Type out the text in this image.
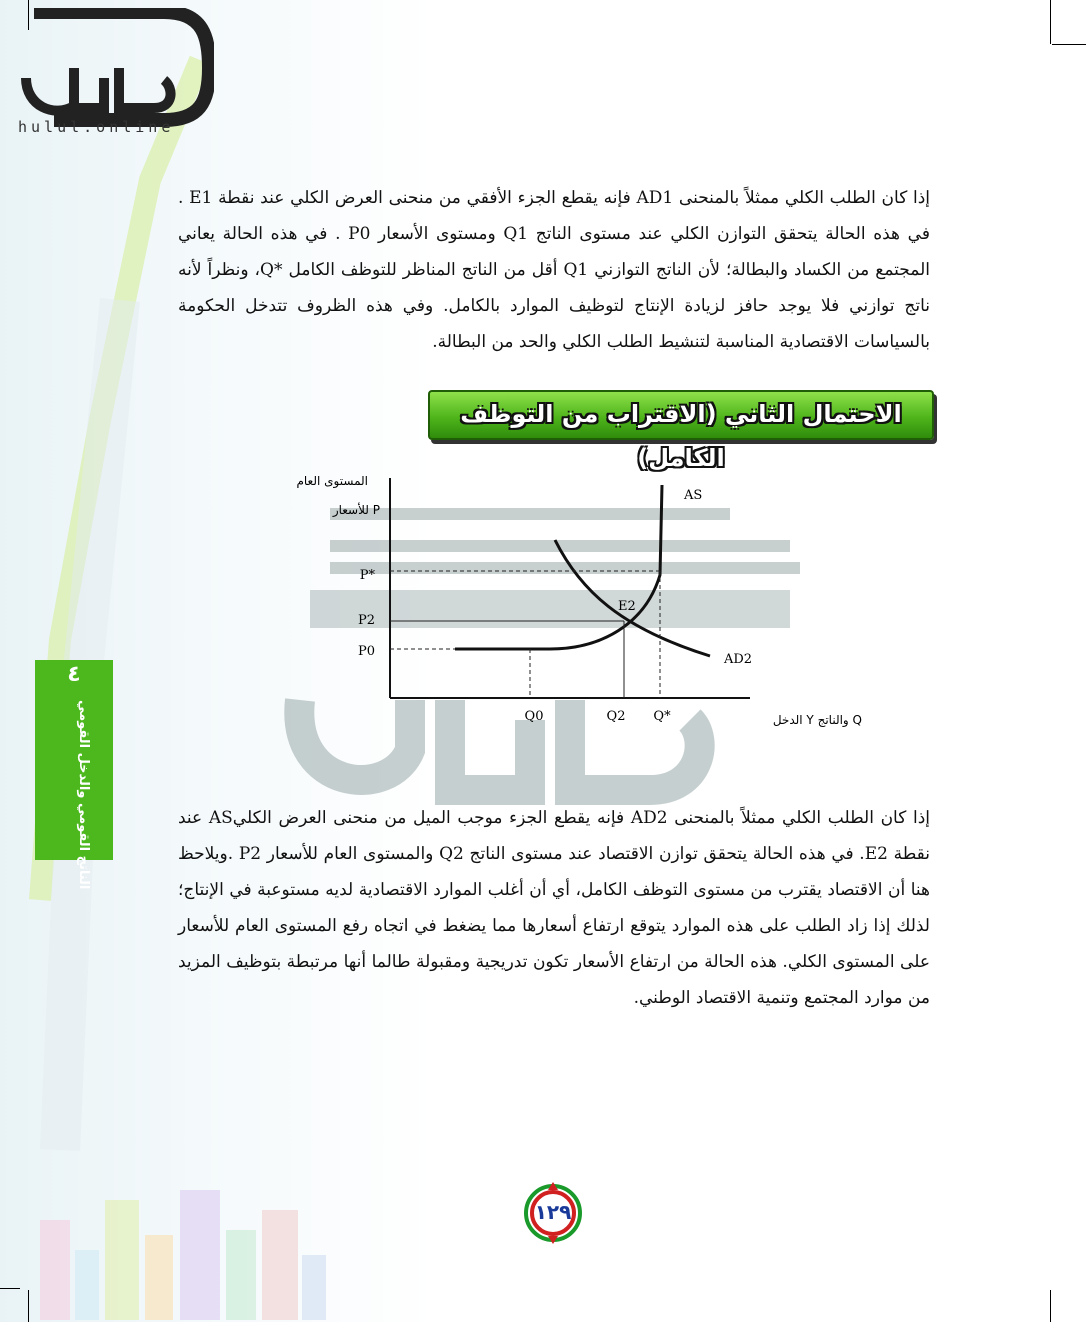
hulul.online
إذا كان الطلب الكلي ممثلاً بالمنحنى AD1 فإنه يقطع الجزء الأفقي من منحنى العرض الكلي عند نقطة E1 . في هذه الحالة يتحقق التوازن الكلي عند مستوى الناتج Q1 ومستوى الأسعار P0 . في هذه الحالة يعاني المجتمع من الكساد والبطالة؛ لأن الناتج التوازني Q1 أقل من الناتج المناظر للتوظف الكامل *Q، ونظراً لأنه ناتج توازني فلا يوجد حافز لزيادة الإنتاج لتوظيف الموارد بالكامل. وفي هذه الظروف تتدخل الحكومة بالسياسات الاقتصادية المناسبة لتنشيط الطلب الكلي والحد من البطالة.
الاحتمال الثاني (الاقتراب من التوظف الكامل)
٤
الناتج القومي والدخل القومي
المستوى العام
للأسعار P
P*
P2
P0
Q0	Q2 Q*	الدخل Y والناتج Q
AS
AD2
E2
إذا كان الطلب الكلي ممثلاً بالمنحنى AD2 فإنه يقطع الجزء موجب الميل من منحنى العرض الكليAS عند نقطة E2. في هذه الحالة يتحقق توازن الاقتصاد عند مستوى الناتج Q2 والمستوى العام للأسعار P2 .ويلاحظ هنا أن الاقتصاد يقترب من مستوى التوظف الكامل، أي أن أغلب الموارد الاقتصادية لديه مستوعبة في الإنتاج؛ لذلك إذا زاد الطلب على هذه الموارد يتوقع ارتفاع أسعارها مما يضغط في اتجاه رفع المستوى العام للأسعار على المستوى الكلي. هذه الحالة من ارتفاع الأسعار تكون تدريجية ومقبولة طالما أنها مرتبطة بتوظيف المزيد من موارد المجتمع وتنمية الاقتصاد الوطني.
١٢٩
